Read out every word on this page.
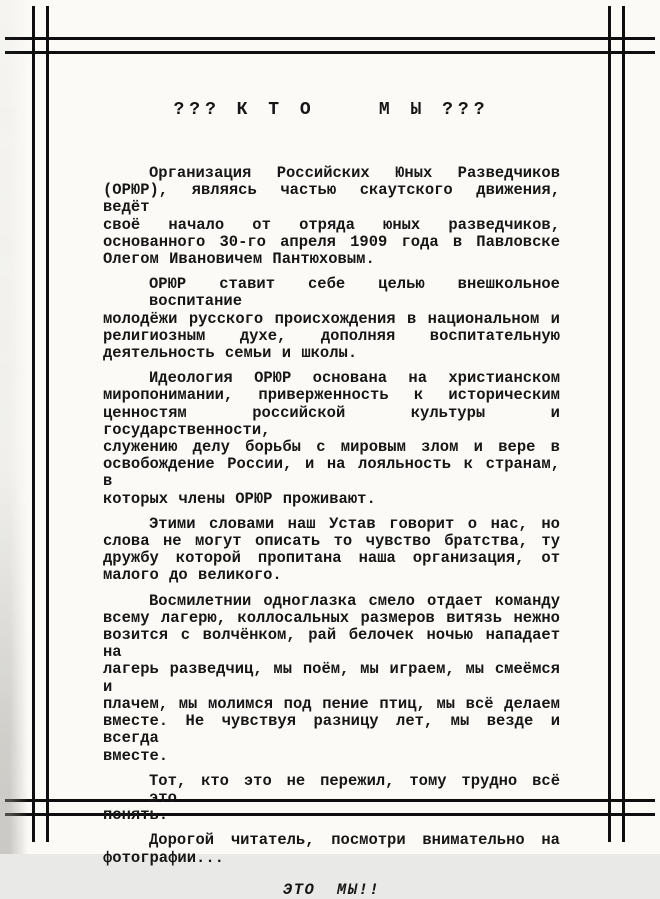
??? К Т О    М Ы ???
Организация Российских Юных Разведчиков
(ОРЮР), являясь частью скаутского движения, ведёт
своё начало от отряда юных разведчиков,
основанного 30-го апреля 1909 года в Павловске
Олегом Ивановичем Пантюховым.
ОРЮР ставит себе целью внешкольное воспитание
молодёжи русского происхождения в национальном и
религиозным духе, дополняя воспитательную
деятельность семьи и школы.
Идеология ОРЮР основана на христианском
миропонимании, приверженность к историческим
ценностям российской культуры и государственности,
служению делу борьбы с мировым злом и вере в
освобождение России, и на лояльность к странам, в
которых члены ОРЮР проживают.
Этими словами наш Устав говорит о нас, но
слова не могут описать то чувство братства, ту
дружбу которой пропитана наша организация, от
малого до великого.
Восмилетнии одноглазка смело отдает команду
всему лагерю, коллосальных размеров витязь нежно
возится с волчёнком, рай белочек ночью нападает на
лагерь разведчиц, мы поём, мы играем, мы смеёмся и
плачем, мы молимся под пение птиц, мы всё делаем
вместе. Не чувствуя разницу лет, мы везде и всегда
вместе.
Тот, кто это не пережил, тому трудно всё это
понять.
Дорогой читатель, посмотри внимательно на
фотографии...
ЭТО  МЫ!!
